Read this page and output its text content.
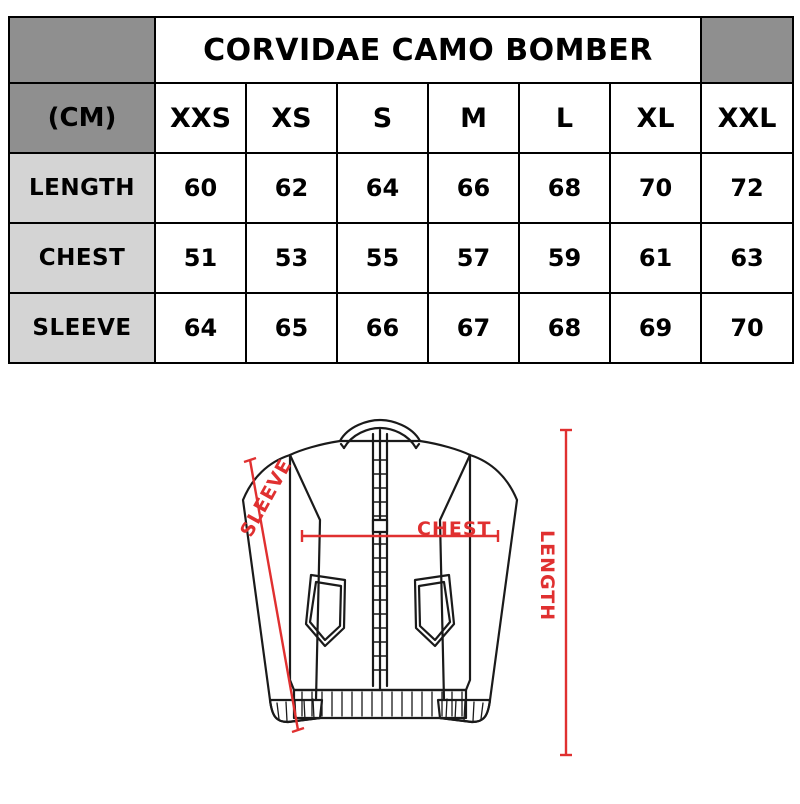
	CORVIDAE CAMO BOMBER						
(CM)	XXS	XS	S	M	L	XL	XXL
LENGTH	60	62	64	66	68	70	72
CHEST	51	53	55	57	59	61	63
SLEEVE	64	65	66	67	68	69	70
CHEST
LENGTH
SLEEVE
